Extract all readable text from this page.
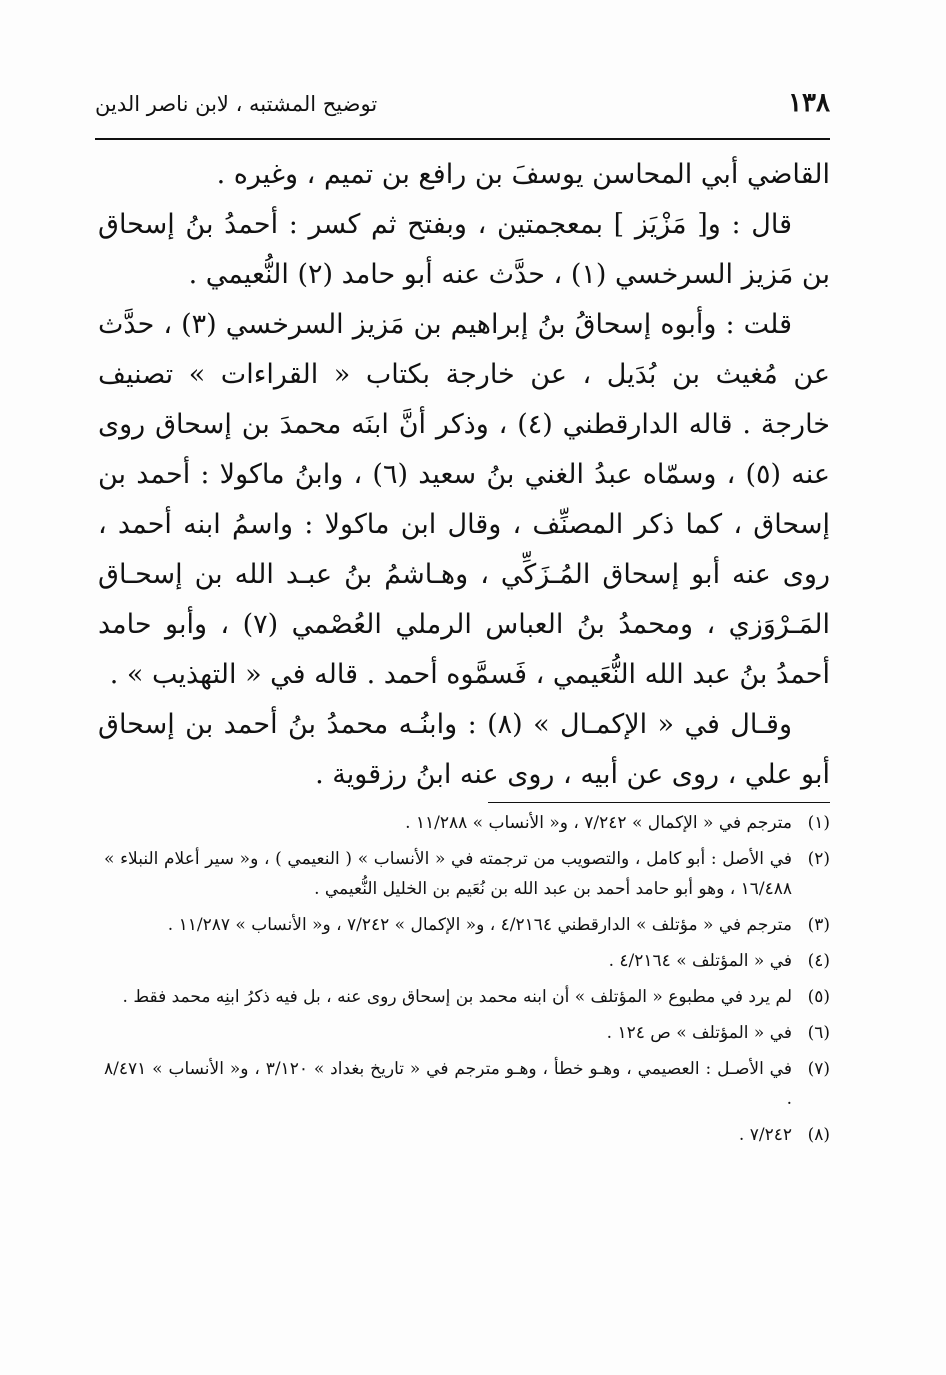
١٣٨
توضيح المشتبه ، لابن ناصر الدين

القاضي أبي المحاسن يوسفَ بن رافع بن تميم ، وغيره .

قال : و[ مَزْيَز ] بمعجمتين ، وبفتح ثم كسر : أحمدُ بنُ إسحاق بن مَزيز السرخسي (١) ، حدَّث عنه أبو حامد (٢) النُّعيمي .

قلت : وأبوه إسحاقُ بنُ إبراهيم بن مَزيز السرخسي (٣) ، حدَّث عن مُغيث بن بُدَيل ، عن خارجة بكتاب « القراءات » تصنيف خارجة . قاله الدارقطني (٤) ، وذكر أنَّ ابنَه محمدَ بن إسحاق روى عنه (٥) ، وسمّاه عبدُ الغني بنُ سعيد (٦) ، وابنُ ماكولا : أحمد بن إسحاق ، كما ذكر المصنِّف ، وقال ابن ماكولا : واسمُ ابنه أحمد ، روى عنه أبو إسحاق المُـزَكِّي ، وهـاشمُ بنُ عبـد الله بن إسحـاق المَـرْوَزي ، ومحمدُ بنُ العباس الرملي العُصْمي (٧) ، وأبو حامد أحمدُ بنُ عبد الله النُّعَيمي ، فَسمَّوه أحمد . قاله في « التهذيب » .

وقـال في « الإكمـال » (٨) : وابنُـه محمدُ بنُ أحمد بن إسحاق أبو علي ، روى عن أبيه ، روى عنه ابنُ رزقوية .

(١)
مترجم في « الإكمال » ٧/٢٤٢ ، و« الأنساب » ١١/٢٨٨ .
(٢)
في الأصل : أبو كامل ، والتصويب من ترجمته في « الأنساب » ( النعيمي ) ، و« سير أعلام النبلاء » ١٦/٤٨٨ ، وهو أبو حامد أحمد بن عبد الله بن نُعَيم بن الخليل النُّعيمي .
(٣)
مترجم في « مؤتلف » الدارقطني ٤/٢١٦٤ ، و« الإكمال » ٧/٢٤٢ ، و« الأنساب » ١١/٢٨٧ .
(٤)
في « المؤتلف » ٤/٢١٦٤ .
(٥)
لم يرد في مطبوع « المؤتلف » أن ابنه محمد بن إسحاق روى عنه ، بل فيه ذكرُ ابنِه محمد فقط .
(٦)
في « المؤتلف » ص ١٢٤ .
(٧)
في الأصـل : العصيمي ، وهـو خطأ ، وهـو مترجم في « تاريخ بغداد » ٣/١٢٠ ، و« الأنساب » ٨/٤٧١ .
(٨)
٧/٢٤٢ .
